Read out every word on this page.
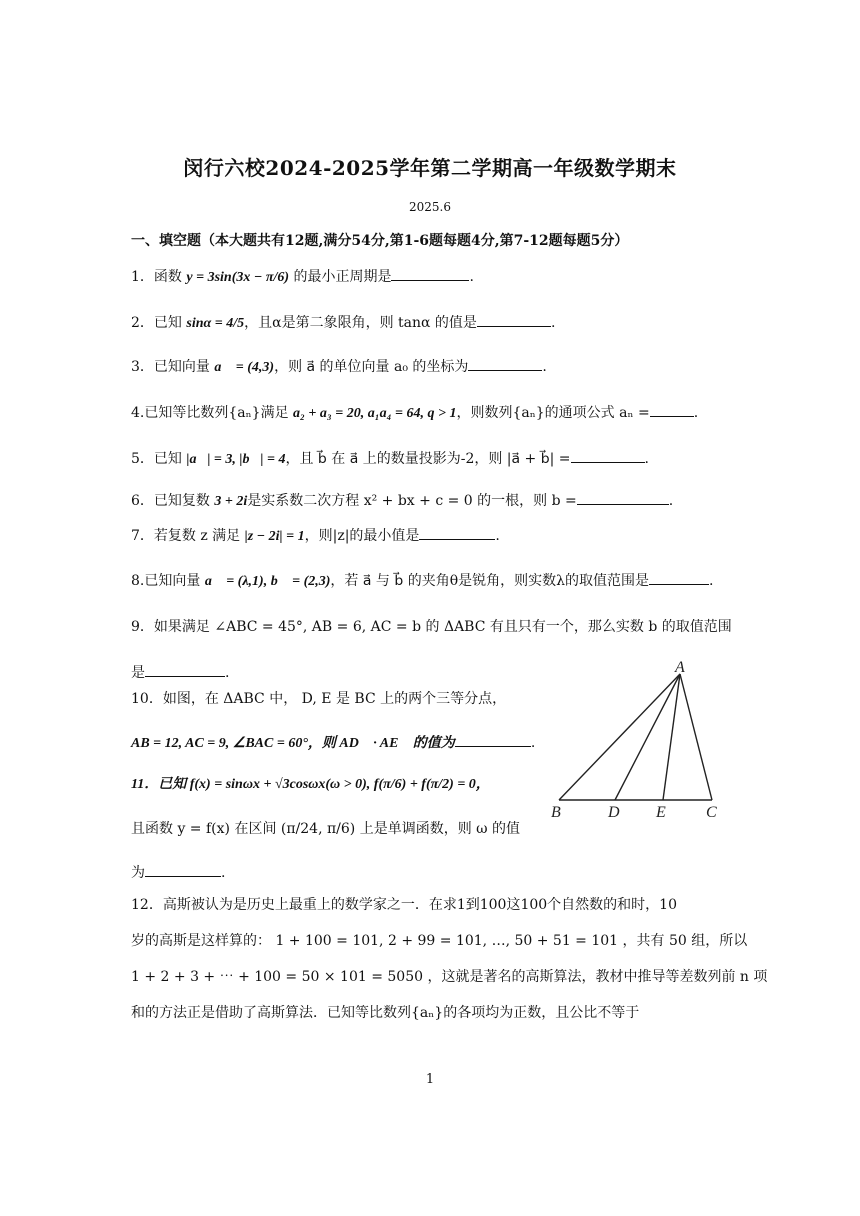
闵行六校2024-2025学年第二学期高一年级数学期末
2025.6
一、填空题（本大题共有12题,满分54分,第1-6题每题4分,第7-12题每题5分）
1．函数 y = 3sin(3x − π/6) 的最小正周期是	.
2．已知 sinα = 4/5，且α是第二象限角，则 tanα 的值是	.
3．已知向量 a⃗ = (4,3)，则 a⃗ 的单位向量 a₀ 的坐标为	.
4.已知等比数列{aₙ}满足 a₂ + a₃ = 20, a₁a₄ = 64, q > 1，则数列{aₙ}的通项公式 aₙ =	.
5．已知 |a⃗| = 3, |b⃗| = 4，且 b⃗ 在 a⃗ 上的数量投影为-2，则 |a⃗ + b⃗| =	.
6．已知复数 3 + 2i是实系数二次方程 x² + bx + c = 0 的一根，则 b =	.
7．若复数 z 满足 |z − 2i| = 1，则|z|的最小值是	.
8.已知向量 a⃗ = (λ,1), b⃗ = (2,3)，若 a⃗ 与 b⃗ 的夹角θ是锐角，则实数λ的取值范围是	.
9．如果满足 ∠ABC = 45°, AB = 6, AC = b 的 ΔABC 有且只有一个，那么实数 b 的取值范围
是	.
10．如图，在 ΔABC 中， D, E 是 BC 上的两个三等分点，
AB = 12, AC = 9, ∠BAC = 60°，则 AD⃗ · AE⃗ 的值为	.
11．已知 f(x) = sinωx + √3cosωx(ω > 0), f(π/6) + f(π/2) = 0，
且函数 y = f(x) 在区间 (π/24, π/6) 上是单调函数，则 ω 的值
为	.
12．高斯被认为是历史上最重上的数学家之一．在求1到100这100个自然数的和时，10
岁的高斯是这样算的： 1 + 100 = 101, 2 + 99 = 101, …, 50 + 51 = 101 ，共有 50 组，所以
1 + 2 + 3 + ⋯ + 100 = 50 × 101 = 5050 ，这就是著名的高斯算法，教材中推导等差数列前 n 项
和的方法正是借助了高斯算法．已知等比数列{aₙ}的各项均为正数，且公比不等于
A
B	D E	C
1
